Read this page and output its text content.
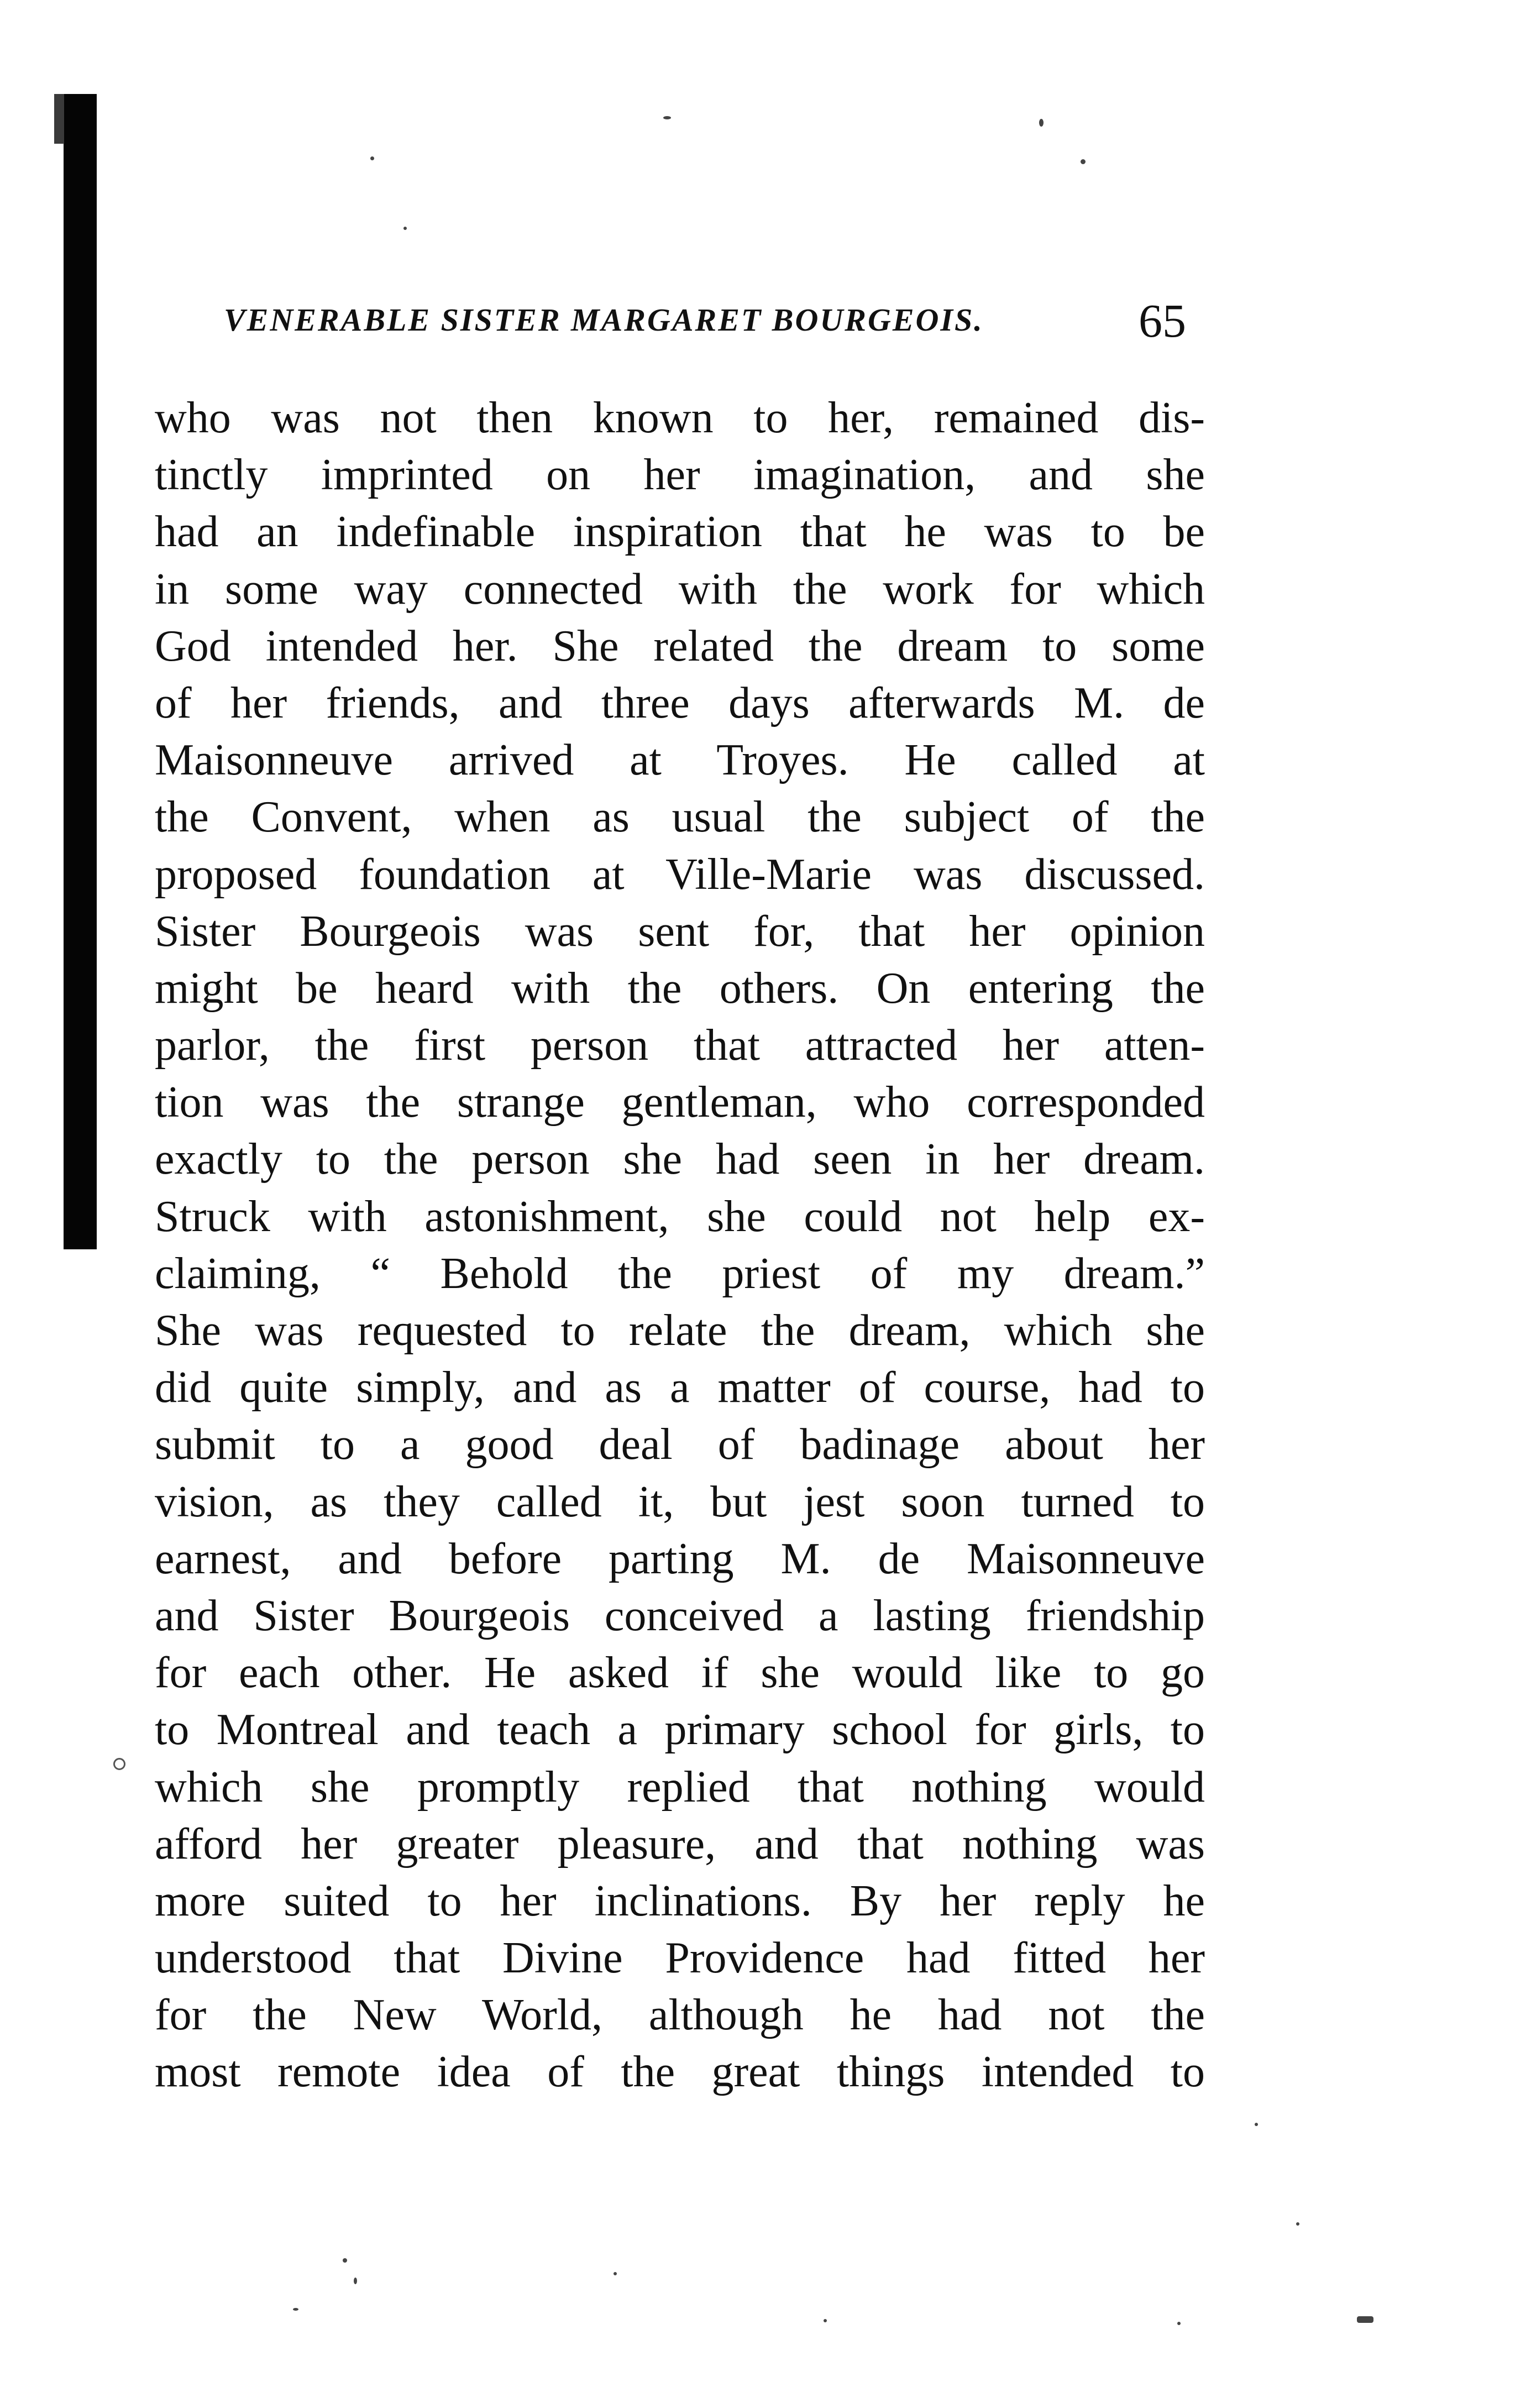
VENERABLE SISTER MARGARET BOURGEOIS.	65
who was not then known to her, remained dis-
tinctly imprinted on her imagination, and she
had an indefinable inspiration that he was to be
in some way connected with the work for which
God intended her. She related the dream to some
of her friends, and three days afterwards M. de
Maisonneuve arrived at Troyes. He called at
the Convent, when as usual the subject of the
proposed foundation at Ville-Marie was discussed.
Sister Bourgeois was sent for, that her opinion
might be heard with the others. On entering the
parlor, the first person that attracted her atten-
tion was the strange gentleman, who corresponded
exactly to the person she had seen in her dream.
Struck with astonishment, she could not help ex-
claiming, “ Behold the priest of my dream.”
She was requested to relate the dream, which she
did quite simply, and as a matter of course, had to
submit to a good deal of badinage about her
vision, as they called it, but jest soon turned to
earnest, and before parting M. de Maisonneuve
and Sister Bourgeois conceived a lasting friendship
for each other. He asked if she would like to go
to Montreal and teach a primary school for girls, to
which she promptly replied that nothing would
afford her greater pleasure, and that nothing was
more suited to her inclinations. By her reply he
understood that Divine Providence had fitted her
for the New World, although he had not the
most remote idea of the great things intended to
